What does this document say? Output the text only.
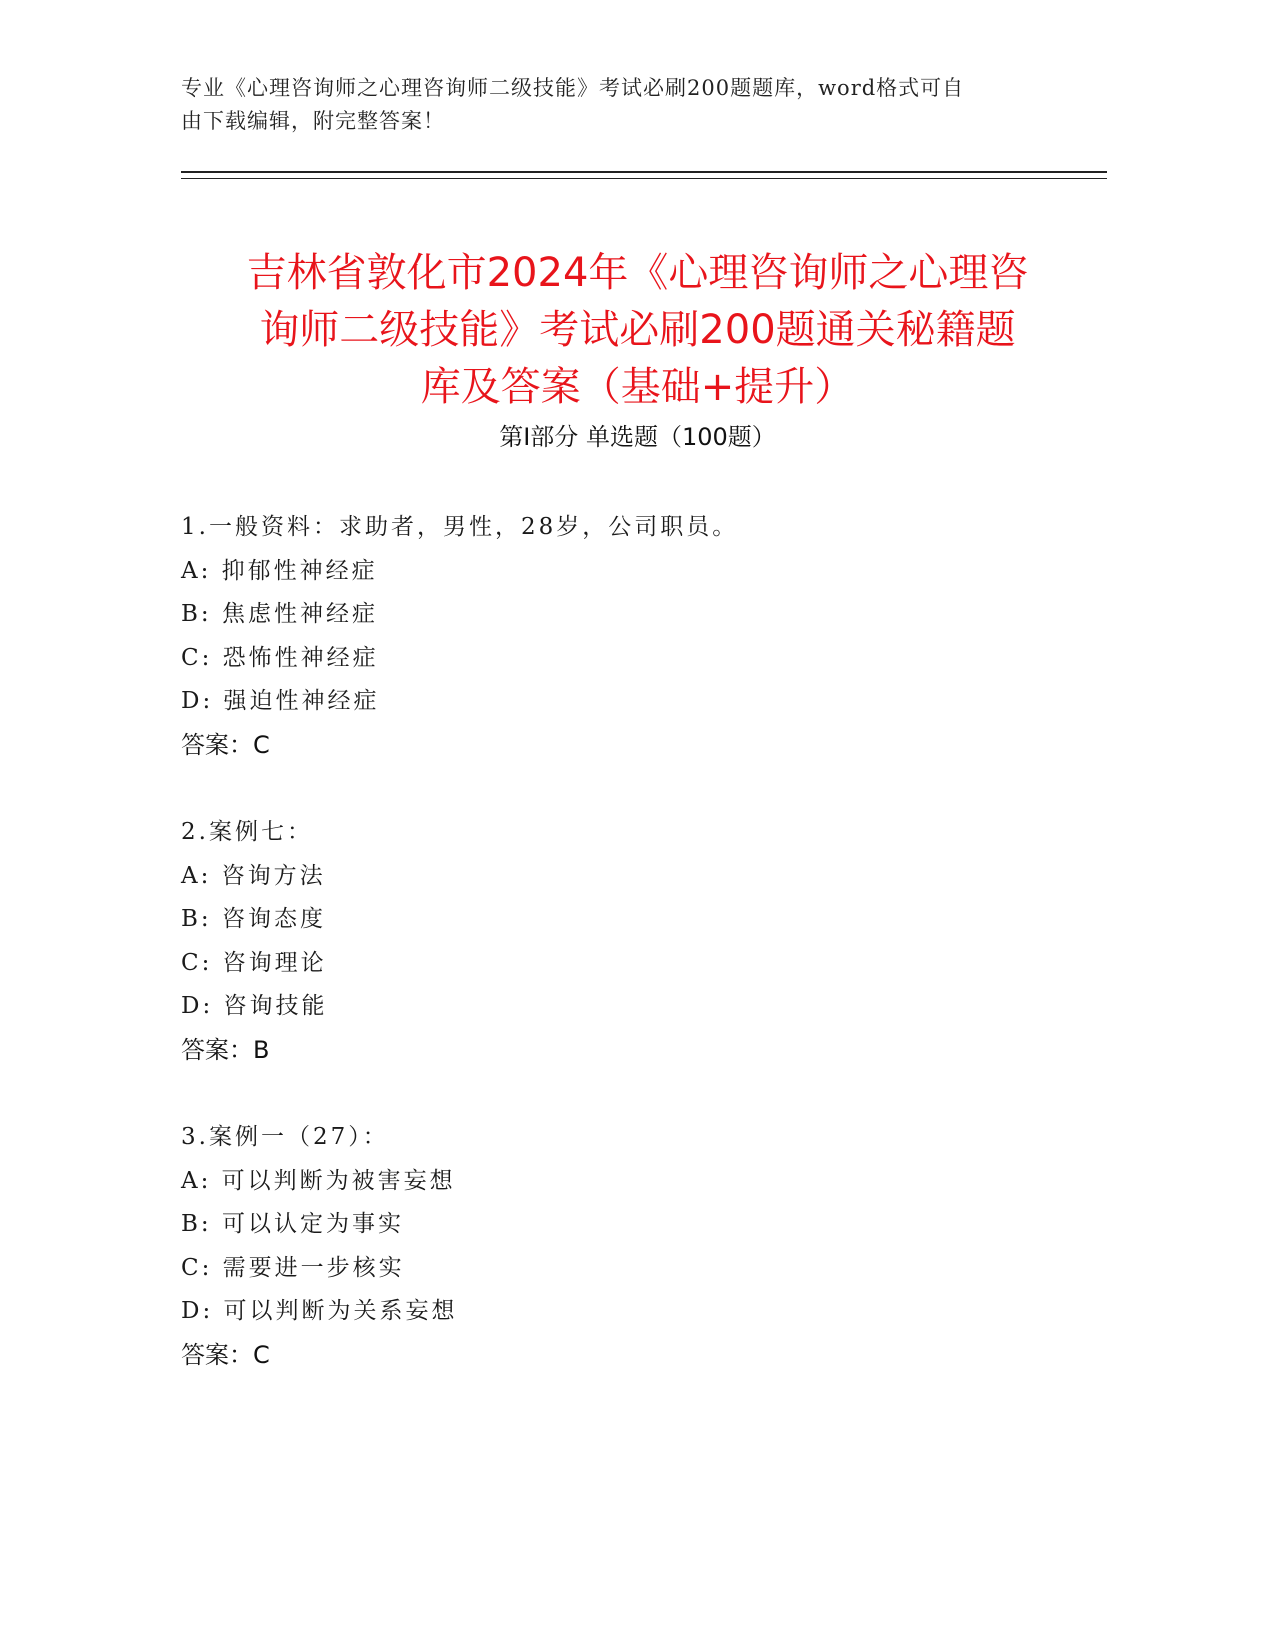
专业《心理咨询师之心理咨询师二级技能》考试必刷200题题库，word格式可自
由下载编辑，附完整答案！
吉林省敦化市2024年《心理咨询师之心理咨
询师二级技能》考试必刷200题通关秘籍题
库及答案（基础+提升）
第Ⅰ部分 单选题（100题）
1.一般资料：求助者，男性，28岁，公司职员。
A: 抑郁性神经症
B: 焦虑性神经症
C: 恐怖性神经症
D: 强迫性神经症
答案：C
2.案例七：
A: 咨询方法
B: 咨询态度
C: 咨询理论
D: 咨询技能
答案：B
3.案例一（27）：
A: 可以判断为被害妄想
B: 可以认定为事实
C: 需要进一步核实
D: 可以判断为关系妄想
答案：C
